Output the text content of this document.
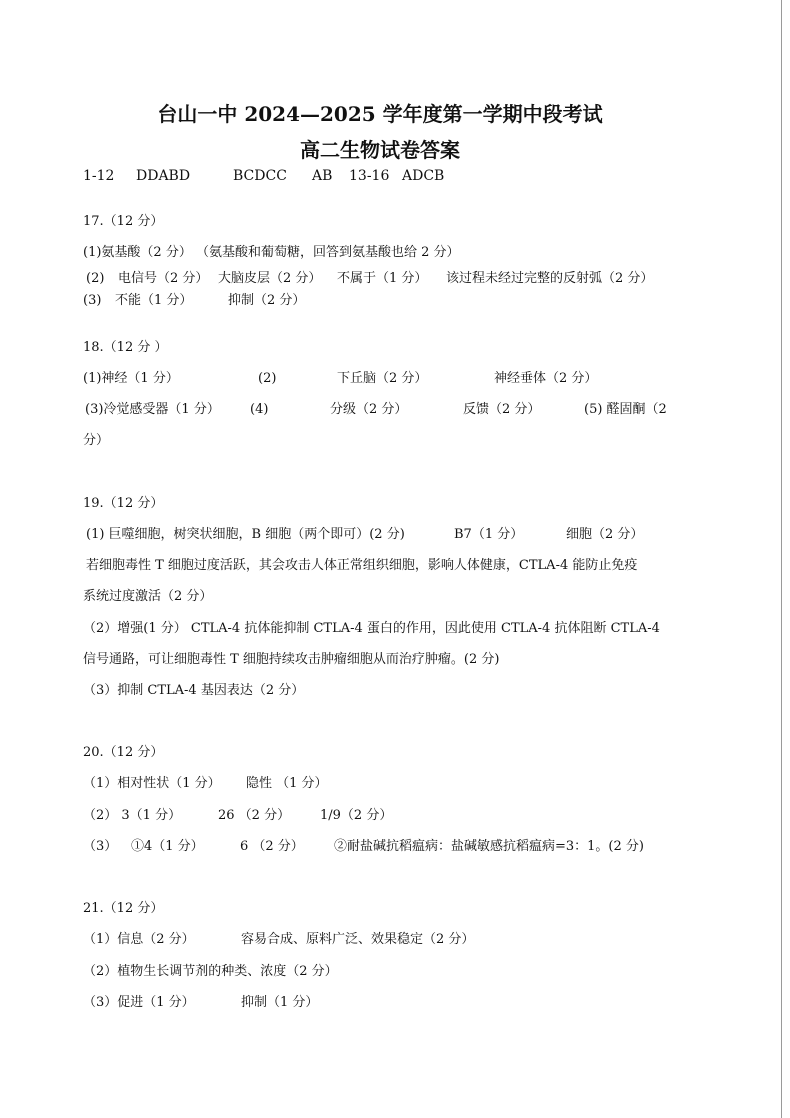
台山一中 2024—2025 学年度第一学期中段考试
高二生物试卷答案
1-12 DDABD	BCDCC AB 13-16 ADCB
17.（12 分）
(1)氨基酸（2 分） （氨基酸和葡萄糖，回答到氨基酸也给 2 分）
(2) 电信号（2 分） 大脑皮层（2 分） 不属于（1 分） 该过程未经过完整的反射弧（2 分）
(3) 不能（1 分）	抑制（2 分）
18.（12 分 ）
(1)神经（1 分）	(2)	下丘脑（2 分）	神经垂体（2 分）
(3)冷觉感受器（1 分） (4)	分级（2 分）	反馈（2 分）	(5) 醛固酮（2
分）
19.（12 分）
(1) 巨噬细胞，树突状细胞，B 细胞（两个即可）(2 分)	B7（1 分）	细胞（2 分）
若细胞毒性 T 细胞过度活跃，其会攻击人体正常组织细胞，影响人体健康，CTLA-4 能防止免疫
系统过度激活（2 分）
（2）增强(1 分） CTLA-4 抗体能抑制 CTLA-4 蛋白的作用，因此使用 CTLA-4 抗体阻断 CTLA-4
信号通路，可让细胞毒性 T 细胞持续攻击肿瘤细胞从而治疗肿瘤。(2 分)
（3）抑制 CTLA-4 基因表达（2 分）
20.（12 分）
（1）相对性状（1 分） 隐性 （1 分）
（2） 3（1 分）	26 （2 分） 1/9（2 分）
（3） ①4（1 分）	6 （2 分） ②耐盐碱抗稻瘟病：盐碱敏感抗稻瘟病=3：1。(2 分)
21.（12 分）
（1）信息（2 分）	容易合成、原料广泛、效果稳定（2 分）
（2）植物生长调节剂的种类、浓度（2 分）
（3）促进（1 分）	抑制（1 分）
